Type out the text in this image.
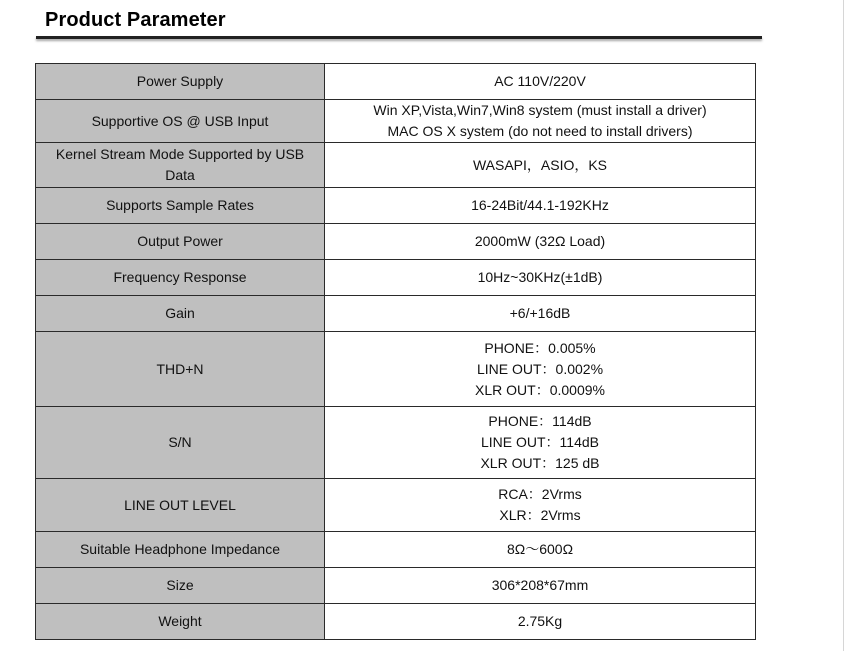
Product Parameter
Power Supply	AC 110V/220V

Supportive OS @ USB Input	Win XP,Vista,Win7,Win8 system (must install a driver)
MAC OS X system (do not need to install drivers)

Kernel Stream Mode Supported by USB Data	WASAPI，ASIO，KS

Supports Sample Rates	16-24Bit/44.1-192KHz

Output Power	2000mW (32Ω Load)

Frequency Response	10Hz~30KHz(±1dB)

Gain	+6/+16dB

THD+N	PHONE：0.005%
LINE OUT：0.002%
XLR OUT：0.0009%

S/N	PHONE：114dB
LINE OUT：114dB
XLR OUT：125 dB

LINE OUT LEVEL	RCA：2Vrms
XLR：2Vrms

Suitable Headphone Impedance	8Ω～600Ω

Size	306*208*67mm

Weight	2.75Kg
